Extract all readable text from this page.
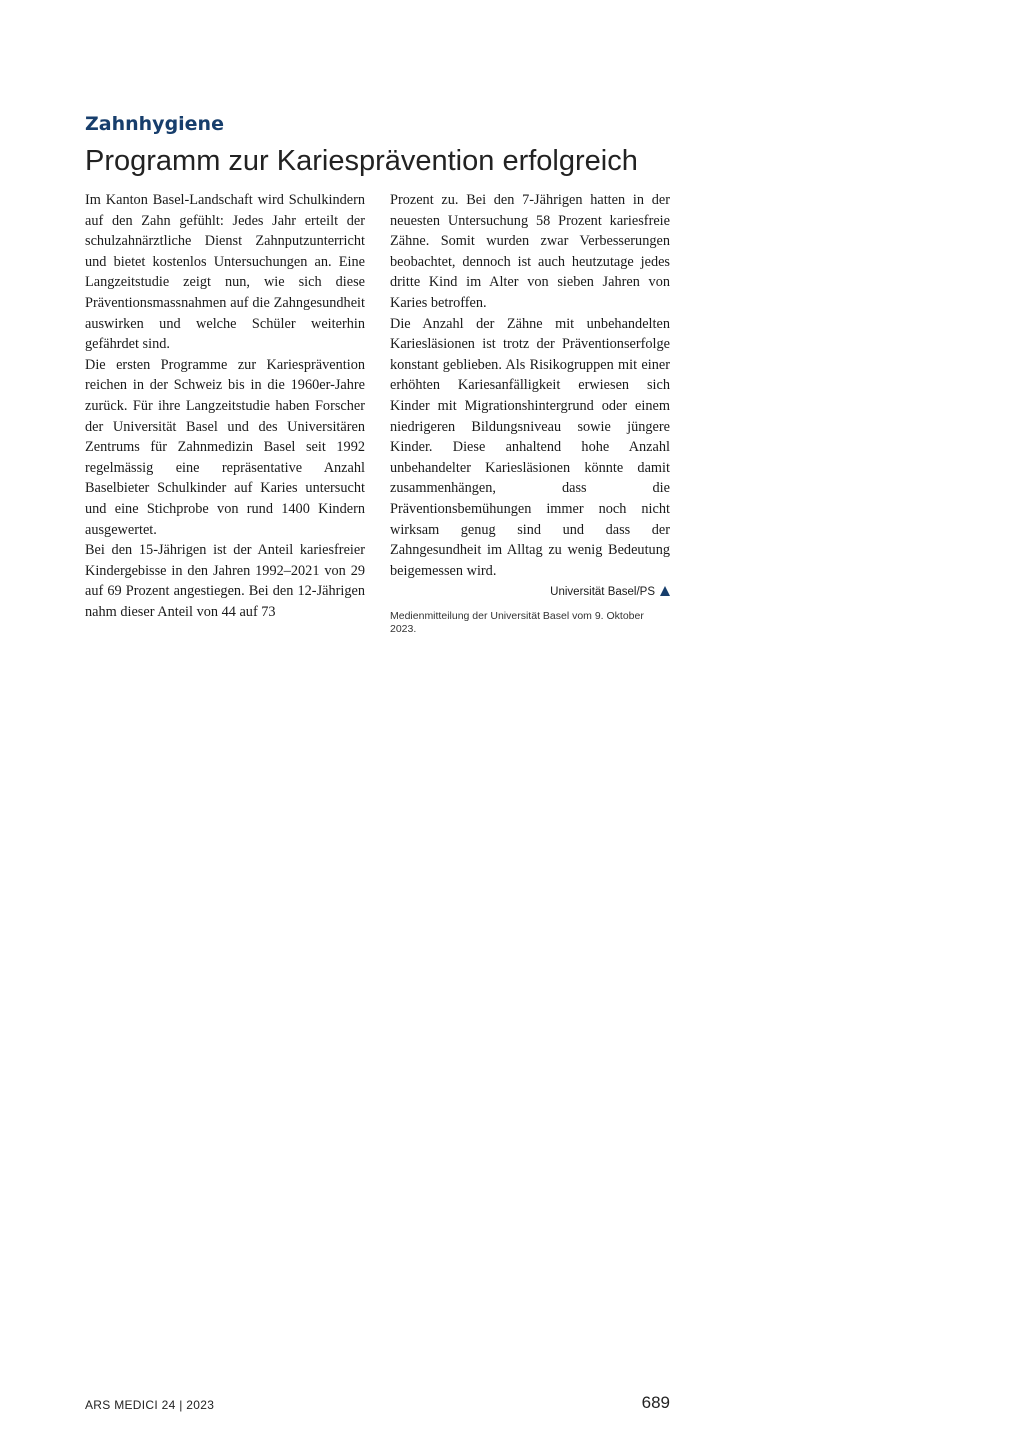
Zahnhygiene
Programm zur Kariesprävention erfolgreich

Im Kanton Basel-Landschaft wird Schulkindern auf den Zahn gefühlt: Jedes Jahr erteilt der schulzahnärztliche Dienst Zahnputzunterricht und bietet kostenlos Untersuchungen an. Eine Langzeitstudie zeigt nun, wie sich diese Präventionsmassnahmen auf die Zahngesundheit auswirken und welche Schüler weiterhin gefährdet sind.

Die ersten Programme zur Kariesprävention reichen in der Schweiz bis in die 1960er-Jahre zurück. Für ihre Langzeitstudie haben Forscher der Universität Basel und des Universitären Zentrums für Zahnmedizin Basel seit 1992 regelmässig eine repräsentative Anzahl Baselbieter Schulkinder auf Karies untersucht und eine Stichprobe von rund 1400 Kindern ausgewertet.

Bei den 15-Jährigen ist der Anteil kariesfreier Kindergebisse in den Jahren 1992–2021 von 29 auf 69 Prozent angestiegen. Bei den 12-Jährigen nahm dieser Anteil von 44 auf 73

Prozent zu. Bei den 7-Jährigen hatten in der neuesten Untersuchung 58 Prozent kariesfreie Zähne. Somit wurden zwar Verbesserungen beobachtet, dennoch ist auch heutzutage jedes dritte Kind im Alter von sieben Jahren von Karies betroffen.

Die Anzahl der Zähne mit unbehandelten Kariesläsionen ist trotz der Präventionserfolge konstant geblieben. Als Risikogruppen mit einer erhöhten Kariesanfälligkeit erwiesen sich Kinder mit Migrationshintergrund oder einem niedrigeren Bildungsniveau sowie jüngere Kinder. Diese anhaltend hohe Anzahl unbehandelter Kariesläsionen könnte damit zusammenhängen, dass die Präventionsbemühungen immer noch nicht wirksam genug sind und dass der Zahngesundheit im Alltag zu wenig Bedeutung beigemessen wird.

Universität Basel/PS
Medienmitteilung der Universität Basel vom 9. Oktober 2023.
ARS MEDICI 24 | 2023	689
